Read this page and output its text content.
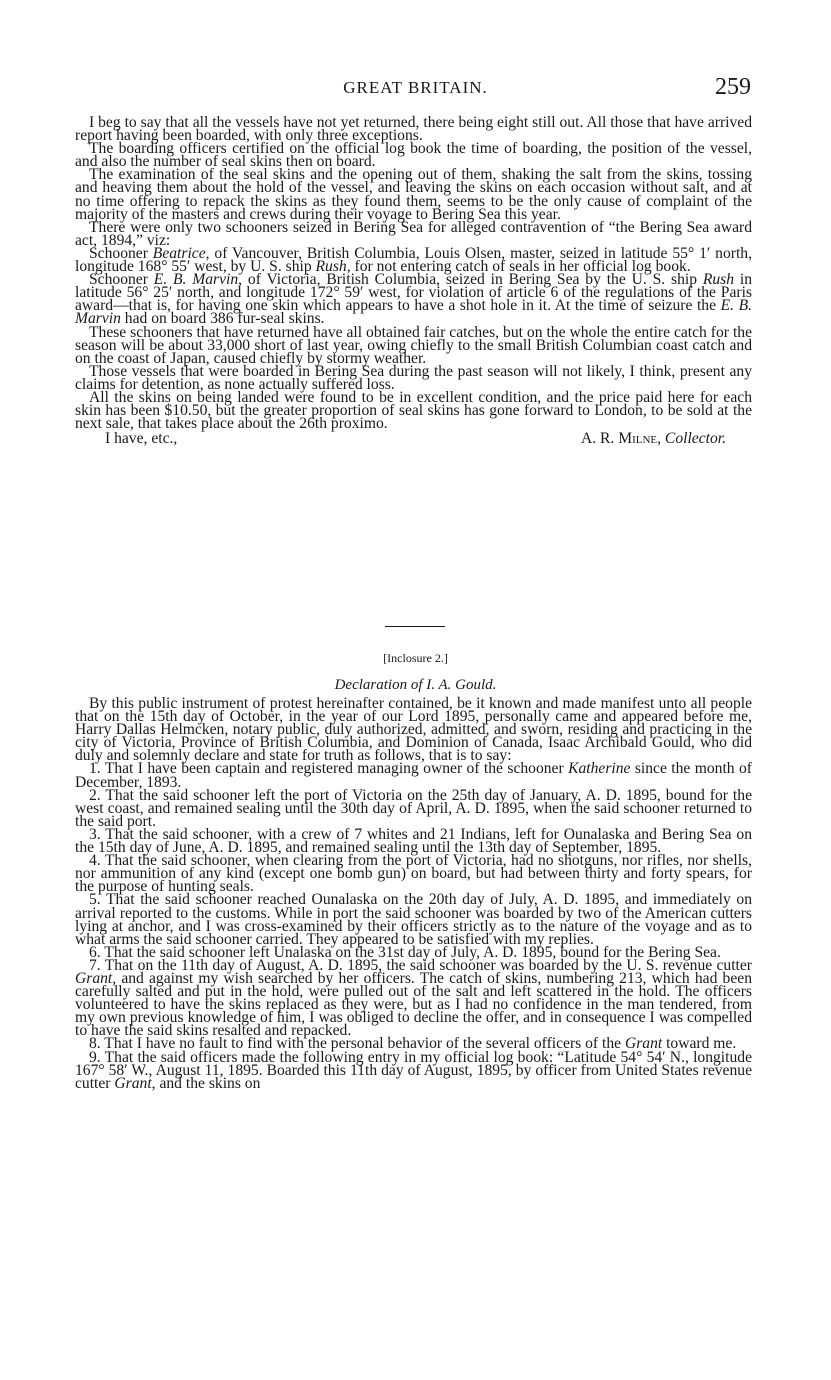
GREAT BRITAIN.	259

I beg to say that all the vessels have not yet returned, there being eight still out. All those that have arrived report having been boarded, with only three exceptions.

The boarding officers certified on the official log book the time of boarding, the position of the vessel, and also the number of seal skins then on board.

The examination of the seal skins and the opening out of them, shaking the salt from the skins, tossing and heaving them about the hold of the vessel, and leaving the skins on each occasion without salt, and at no time offering to repack the skins as they found them, seems to be the only cause of complaint of the majority of the masters and crews during their voyage to Bering Sea this year.

There were only two schooners seized in Bering Sea for alleged contravention of “the Bering Sea award act, 1894,” viz:

Schooner Beatrice, of Vancouver, British Columbia, Louis Olsen, master, seized in latitude 55° 1′ north, longitude 168° 55′ west, by U. S. ship Rush, for not entering catch of seals in her official log book.

Schooner E. B. Marvin, of Victoria, British Columbia, seized in Bering Sea by the U. S. ship Rush in latitude 56° 25′ north, and longitude 172° 59′ west, for violation of article 6 of the regulations of the Paris award—that is, for having one skin which appears to have a shot hole in it. At the time of seizure the E. B. Marvin had on board 386 fur-seal skins.

These schooners that have returned have all obtained fair catches, but on the whole the entire catch for the season will be about 33,000 short of last year, owing chiefly to the small British Columbian coast catch and on the coast of Japan, caused chiefly by stormy weather.

Those vessels that were boarded in Bering Sea during the past season will not likely, I think, present any claims for detention, as none actually suffered loss.

All the skins on being landed were found to be in excellent condition, and the price paid here for each skin has been $10.50, but the greater proportion of seal skins has gone forward to London, to be sold at the next sale, that takes place about the 26th proximo.

I have, etc.,	A. R. Milne, Collector.

[Inclosure 2.]
Declaration of I. A. Gould.

By this public instrument of protest hereinafter contained, be it known and made manifest unto all people that on the 15th day of October, in the year of our Lord 1895, personally came and appeared before me, Harry Dallas Helmcken, notary public, duly authorized, admitted, and sworn, residing and practicing in the city of Victoria, Province of British Columbia, and Dominion of Canada, Isaac Archibald Gould, who did duly and solemnly declare and state for truth as follows, that is to say:

1. That I have been captain and registered managing owner of the schooner Katherine since the month of December, 1893.

2. That the said schooner left the port of Victoria on the 25th day of January, A. D. 1895, bound for the west coast, and remained sealing until the 30th day of April, A. D. 1895, when the said schooner returned to the said port.

3. That the said schooner, with a crew of 7 whites and 21 Indians, left for Ounalaska and Bering Sea on the 15th day of June, A. D. 1895, and remained sealing until the 13th day of September, 1895.

4. That the said schooner, when clearing from the port of Victoria, had no shotguns, nor rifles, nor shells, nor ammunition of any kind (except one bomb gun) on board, but had between thirty and forty spears, for the purpose of hunting seals.

5. That the said schooner reached Ounalaska on the 20th day of July, A. D. 1895, and immediately on arrival reported to the customs. While in port the said schooner was boarded by two of the American cutters lying at anchor, and I was cross-examined by their officers strictly as to the nature of the voyage and as to what arms the said schooner carried. They appeared to be satisfied with my replies.

6. That the said schooner left Unalaska on the 31st day of July, A. D. 1895, bound for the Bering Sea.

7. That on the 11th day of August, A. D. 1895, the said schooner was boarded by the U. S. revenue cutter Grant, and against my wish searched by her officers. The catch of skins, numbering 213, which had been carefully salted and put in the hold, were pulled out of the salt and left scattered in the hold. The officers volunteered to have the skins replaced as they were, but as I had no confidence in the man tendered, from my own previous knowledge of him, I was obliged to decline the offer, and in consequence I was compelled to have the said skins resalted and repacked.

8. That I have no fault to find with the personal behavior of the several officers of the Grant toward me.

9. That the said officers made the following entry in my official log book: “Latitude 54° 54′ N., longitude 167° 58′ W., August 11, 1895. Boarded this 11th day of August, 1895, by officer from United States revenue cutter Grant, and the skins on
